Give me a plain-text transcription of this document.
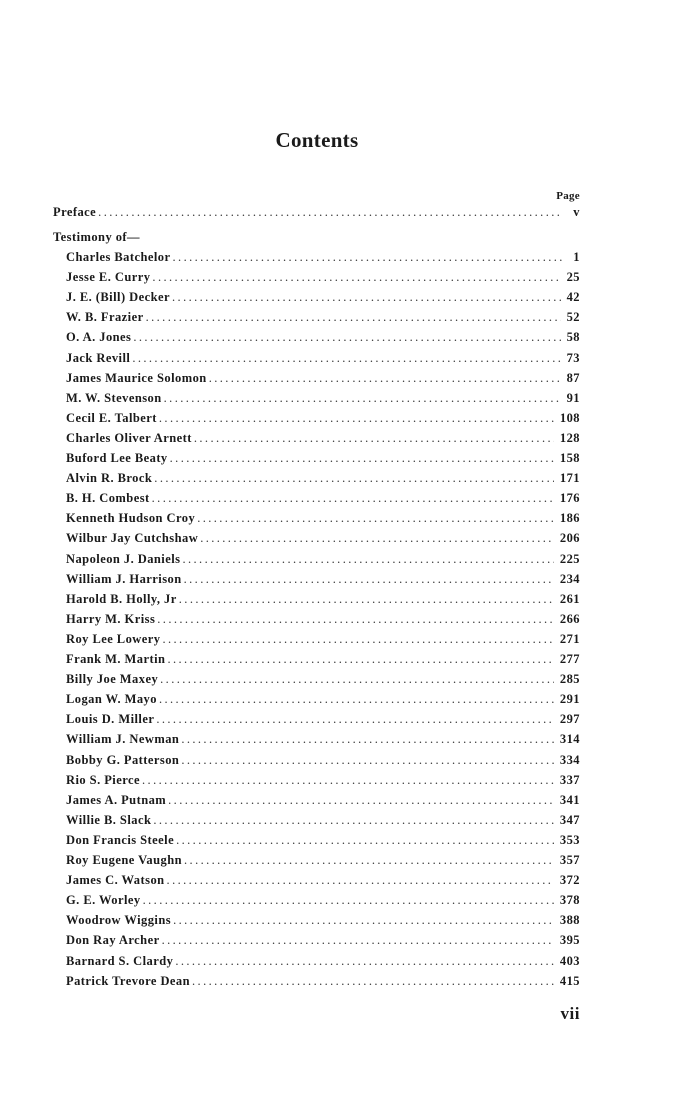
Contents
Page
Preface .....	v
Testimony of—
Charles Batchelor .....	1
Jesse E. Curry .....	25
J. E. (Bill) Decker .....	42
W. B. Frazier .....	52
O. A. Jones .....	58
Jack Revill .....	73
James Maurice Solomon .....	87
M. W. Stevenson .....	91
Cecil E. Talbert .....	108
Charles Oliver Arnett .....	128
Buford Lee Beaty .....	158
Alvin R. Brock .....	171
B. H. Combest .....	176
Kenneth Hudson Croy .....	186
Wilbur Jay Cutchshaw .....	206
Napoleon J. Daniels .....	225
William J. Harrison .....	234
Harold B. Holly, Jr .....	261
Harry M. Kriss .....	266
Roy Lee Lowery .....	271
Frank M. Martin .....	277
Billy Joe Maxey .....	285
Logan W. Mayo .....	291
Louis D. Miller .....	297
William J. Newman .....	314
Bobby G. Patterson .....	334
Rio S. Pierce .....	337
James A. Putnam .....	341
Willie B. Slack .....	347
Don Francis Steele .....	353
Roy Eugene Vaughn .....	357
James C. Watson .....	372
G. E. Worley .....	378
Woodrow Wiggins .....	388
Don Ray Archer .....	395
Barnard S. Clardy .....	403
Patrick Trevore Dean .....	415
vii
